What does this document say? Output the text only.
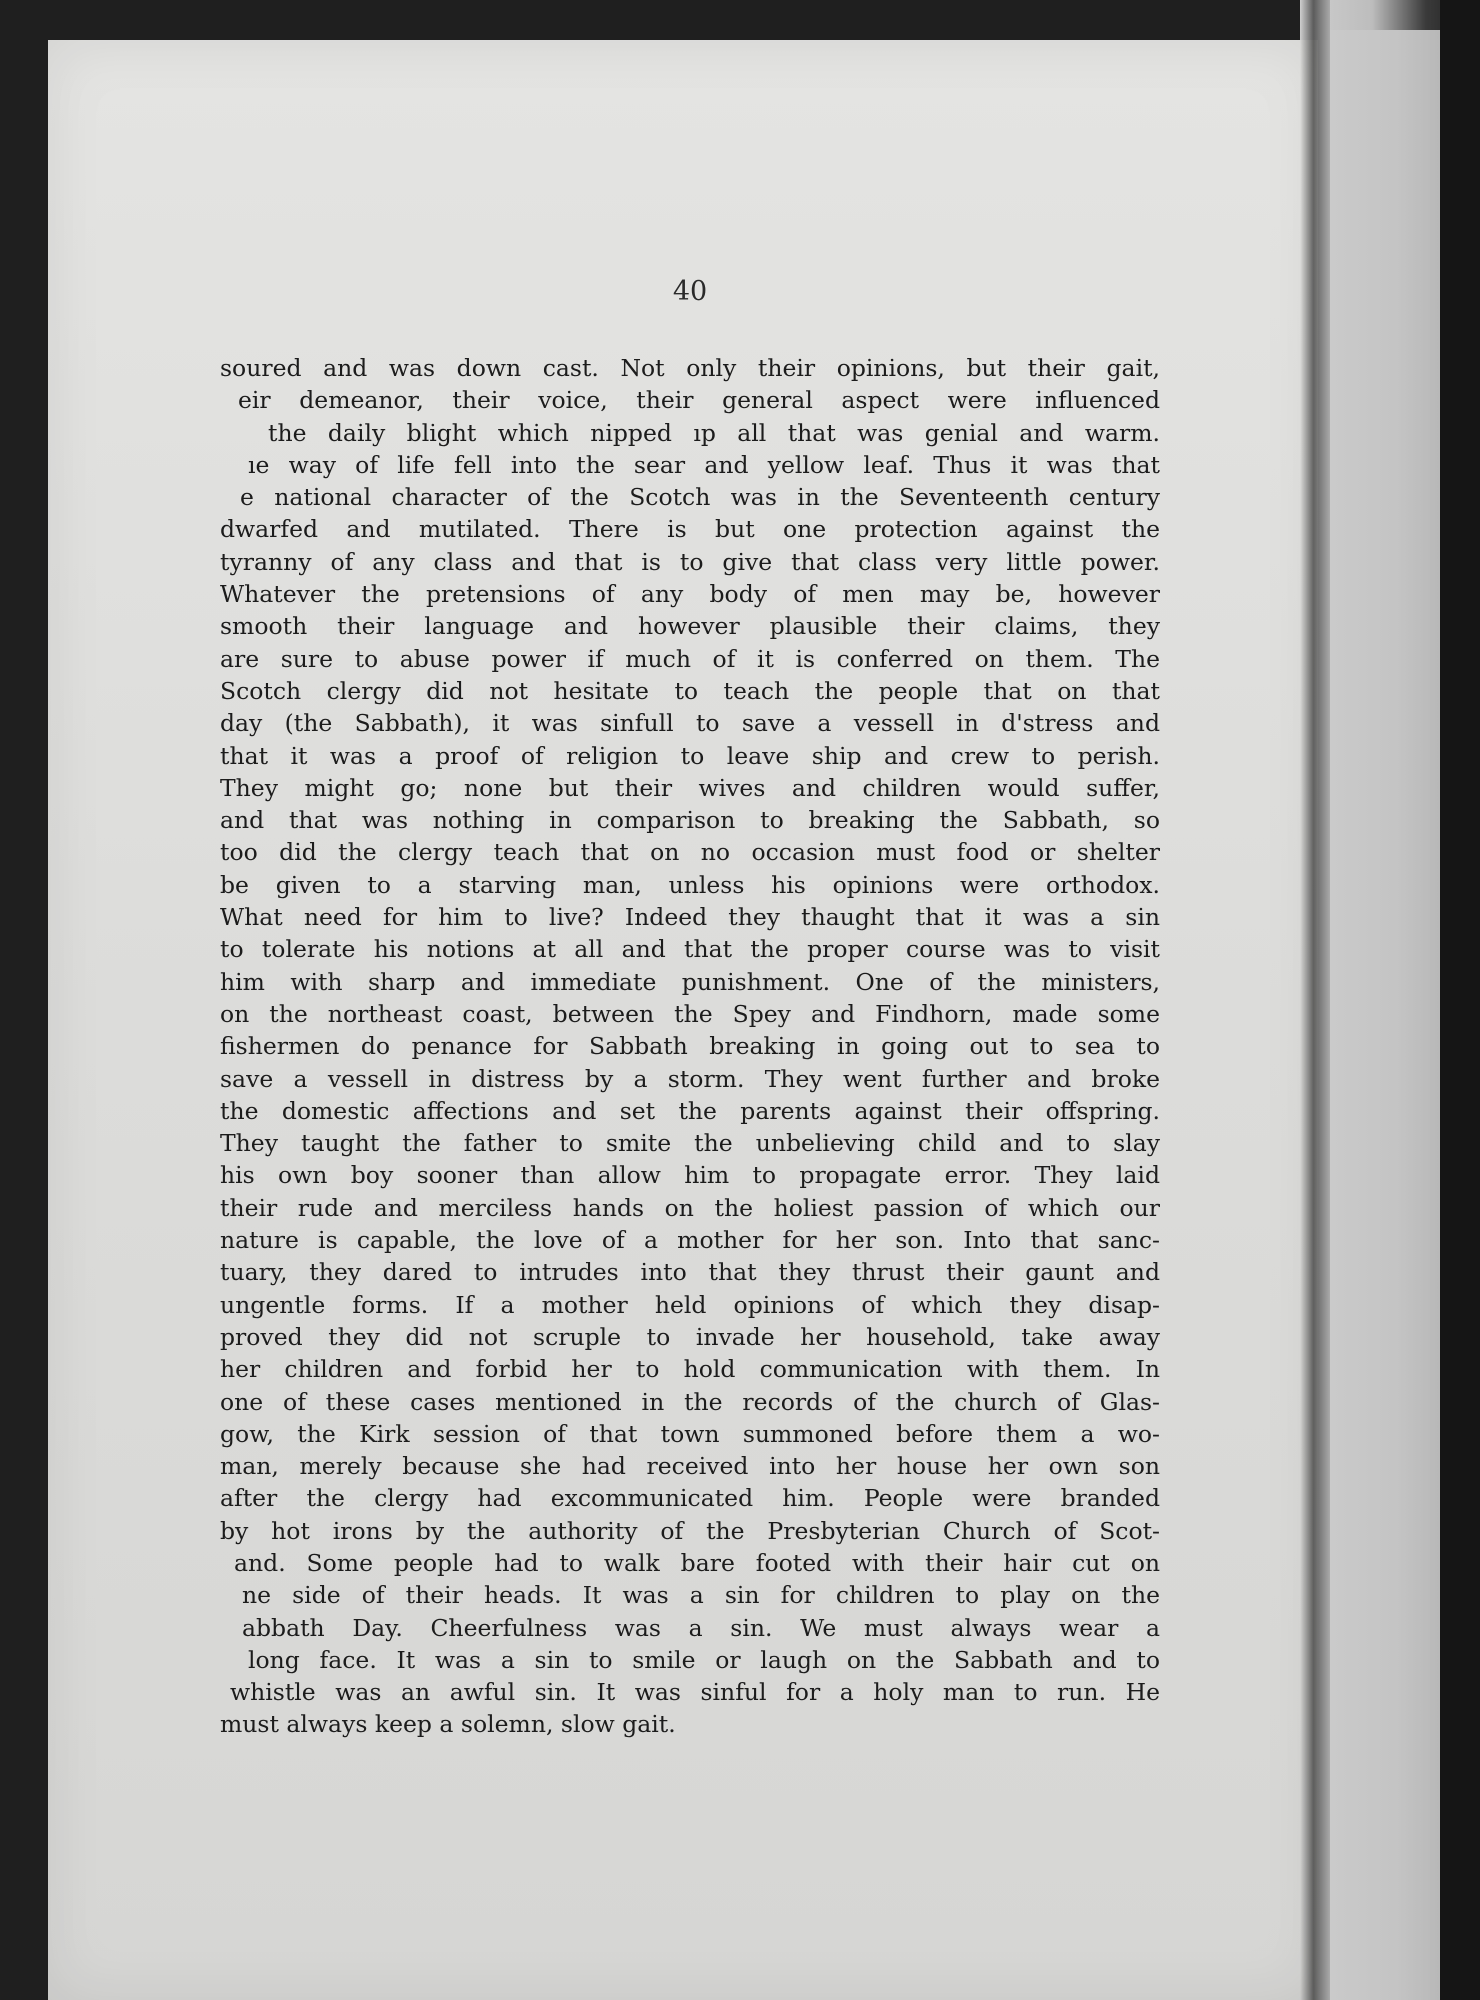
40
soured and was down cast. Not only their opinions, but their gait,
eir demeanor, their voice, their general aspect were influenced
the daily blight which nipped ıp all that was genial and warm.
ıe way of life fell into the sear and yellow leaf. Thus it was that
e national character of the Scotch was in the Seventeenth century
dwarfed and mutilated. There is but one protection against the
tyranny of any class and that is to give that class very little power.
Whatever the pretensions of any body of men may be, however
smooth their language and however plausible their claims, they
are sure to abuse power if much of it is conferred on them. The
Scotch clergy did not hesitate to teach the people that on that
day (the Sabbath), it was sinfull to save a vessell in d'stress and
that it was a proof of religion to leave ship and crew to perish.
They might go; none but their wives and children would suffer,
and that was nothing in comparison to breaking the Sabbath, so
too did the clergy teach that on no occasion must food or shelter
be given to a starving man, unless his opinions were orthodox.
What need for him to live? Indeed they thaught that it was a sin
to tolerate his notions at all and that the proper course was to visit
him with sharp and immediate punishment. One of the ministers,
on the northeast coast, between the Spey and Findhorn, made some
fishermen do penance for Sabbath breaking in going out to sea to
save a vessell in distress by a storm. They went further and broke
the domestic affections and set the parents against their offspring.
They taught the father to smite the unbelieving child and to slay
his own boy sooner than allow him to propagate error. They laid
their rude and merciless hands on the holiest passion of which our
nature is capable, the love of a mother for her son. Into that sanc-
tuary, they dared to intrudes into that they thrust their gaunt and
ungentle forms. If a mother held opinions of which they disap-
proved they did not scruple to invade her household, take away
her children and forbid her to hold communication with them. In
one of these cases mentioned in the records of the church of Glas-
gow, the Kirk session of that town summoned before them a wo-
man, merely because she had received into her house her own son
after the clergy had excommunicated him. People were branded
by hot irons by the authority of the Presbyterian Church of Scot-
and. Some people had to walk bare footed with their hair cut on
ne side of their heads. It was a sin for children to play on the
abbath Day. Cheerfulness was a sin. We must always wear a
long face. It was a sin to smile or laugh on the Sabbath and to
whistle was an awful sin. It was sinful for a holy man to run. He
must always keep a solemn, slow gait.
